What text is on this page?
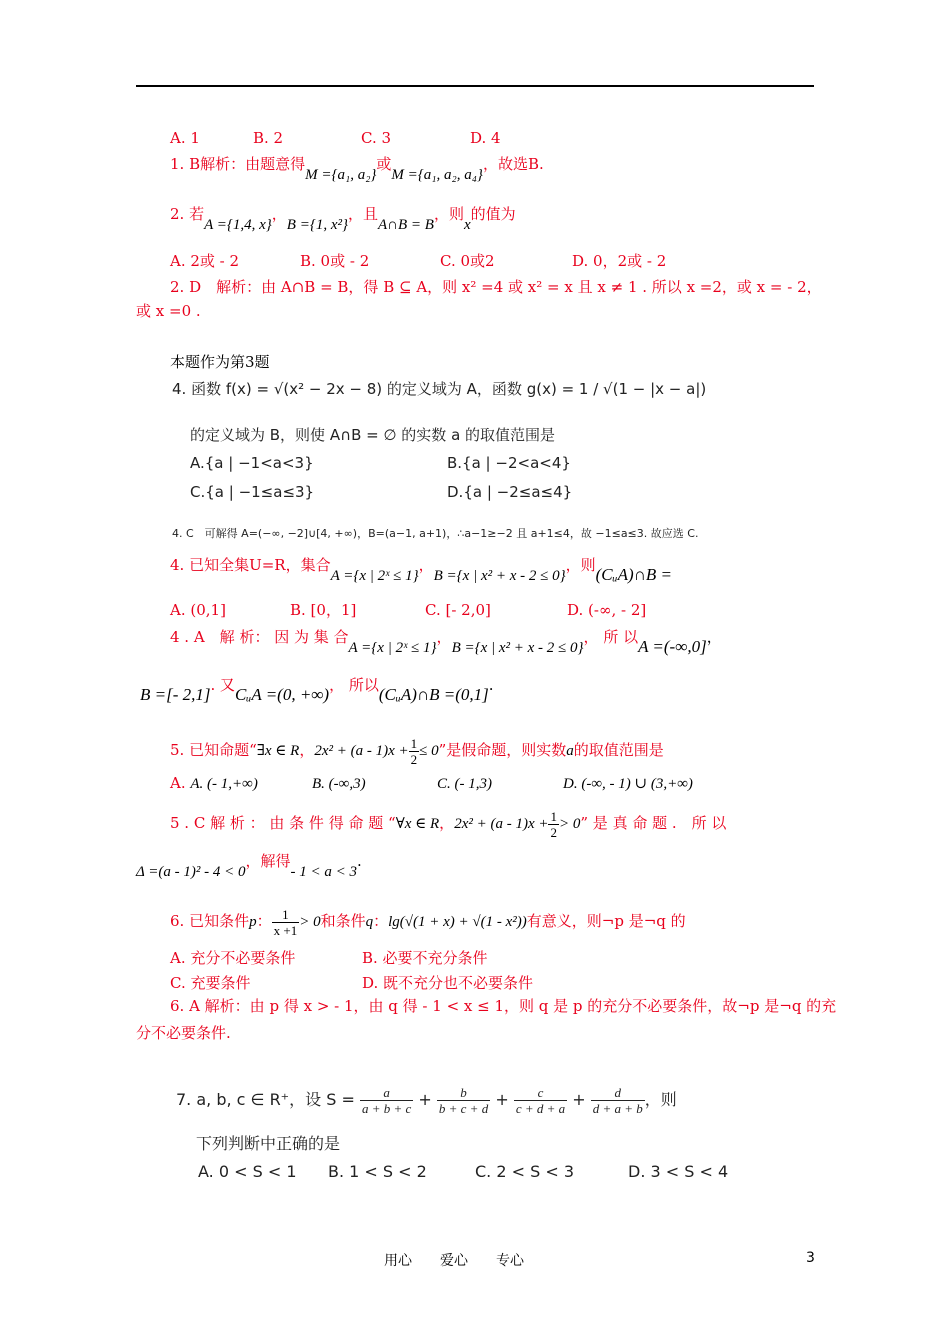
A. 1	B. 2	C. 3	D. 4
1. B解析：由题意得M ={a₁, a₂}或M ={a₁, a₂, a₄}，故选B.
2. 若A ={1,4, x}，B ={1, x²}，且A∩B = B，则x的值为
A. 2或 - 2	B. 0或 - 2	C. 0或2	D. 0，2或 - 2
2. D　解析：由 A∩B = B，得 B ⊆ A，则 x² =4 或 x² = x 且 x ≠ 1 . 所以 x =2，或 x = - 2，
或 x =0 .
本题作为第3题
4. 函数 f(x) = √(x² − 2x − 8) 的定义域为 A，函数 g(x) = 1 / √(1 − |x − a|)
的定义域为 B，则使 A∩B = ∅ 的实数 a 的取值范围是
A.{a | −1<a<3}	B.{a | −2<a<4}
C.{a | −1≤a≤3}	D.{a | −2≤a≤4}
4. C　可解得 A=(−∞, −2]∪[4, +∞)，B=(a−1, a+1)，∴a−1≥−2 且 a+1≤4，故 −1≤a≤3. 故应选 C.
4. 已知全集U=R，集合A ={x | 2ˣ ≤ 1}，B ={x | x² + x - 2 ≤ 0}，则(CᵤA)∩B =
A. (0,1]	B. [0，1]	C. [- 2,0]	D. (-∞, - 2]
4 . A　解 析： 因 为 集 合A ={x | 2ˣ ≤ 1}，B ={x | x² + x - 2 ≤ 0}， 所 以A =(-∞,0]，
B =[- 2,1]. 又CᵤA =(0, +∞)， 所以(CᵤA)∩B =(0,1].
5. 已知命题“∃x ∈ R，$2x^2 + (a - 1)x + \frac{1}{2} \le 0$”是假命题，则实数a的取值范围是
A. A. (- 1,+∞)	B. (-∞,3)	C. (- 1,3)	D. (-∞, - 1) ∪ (3,+∞)
5 . C 解 析 ： 由 条 件 得 命 题 “∀x ∈ R，$2x^2 + (a - 1)x + \frac{1}{2} > 0$” 是 真 命 题 .　所 以
Δ =(a - 1)² - 4 < 0，解得- 1 < a < 3.
6. 已知条件p： $\frac{1}{x +1} > 0$和条件q：lg(√(1 + x) + √(1 - x²))有意义，则¬p 是¬q 的
A. 充分不必要条件	B. 必要不充分条件
C. 充要条件	D. 既不充分也不必要条件
6. A 解析：由 p 得 x > - 1，由 q 得 - 1 < x ≤ 1，则 q 是 p 的充分不必要条件，故¬p 是¬q 的充
分不必要条件.
7. a, b, c ∈ R⁺，设 $S = \frac{a}{a + b + c} + \frac{b}{b + c + d} + \frac{c}{c + d + a} + \frac{d}{d + a + b}$ ，则
下列判断中正确的是
A. 0 < S < 1 B. 1 < S < 2	C. 2 < S < 3	D. 3 < S < 4
用心　　爱心　　专心	3
